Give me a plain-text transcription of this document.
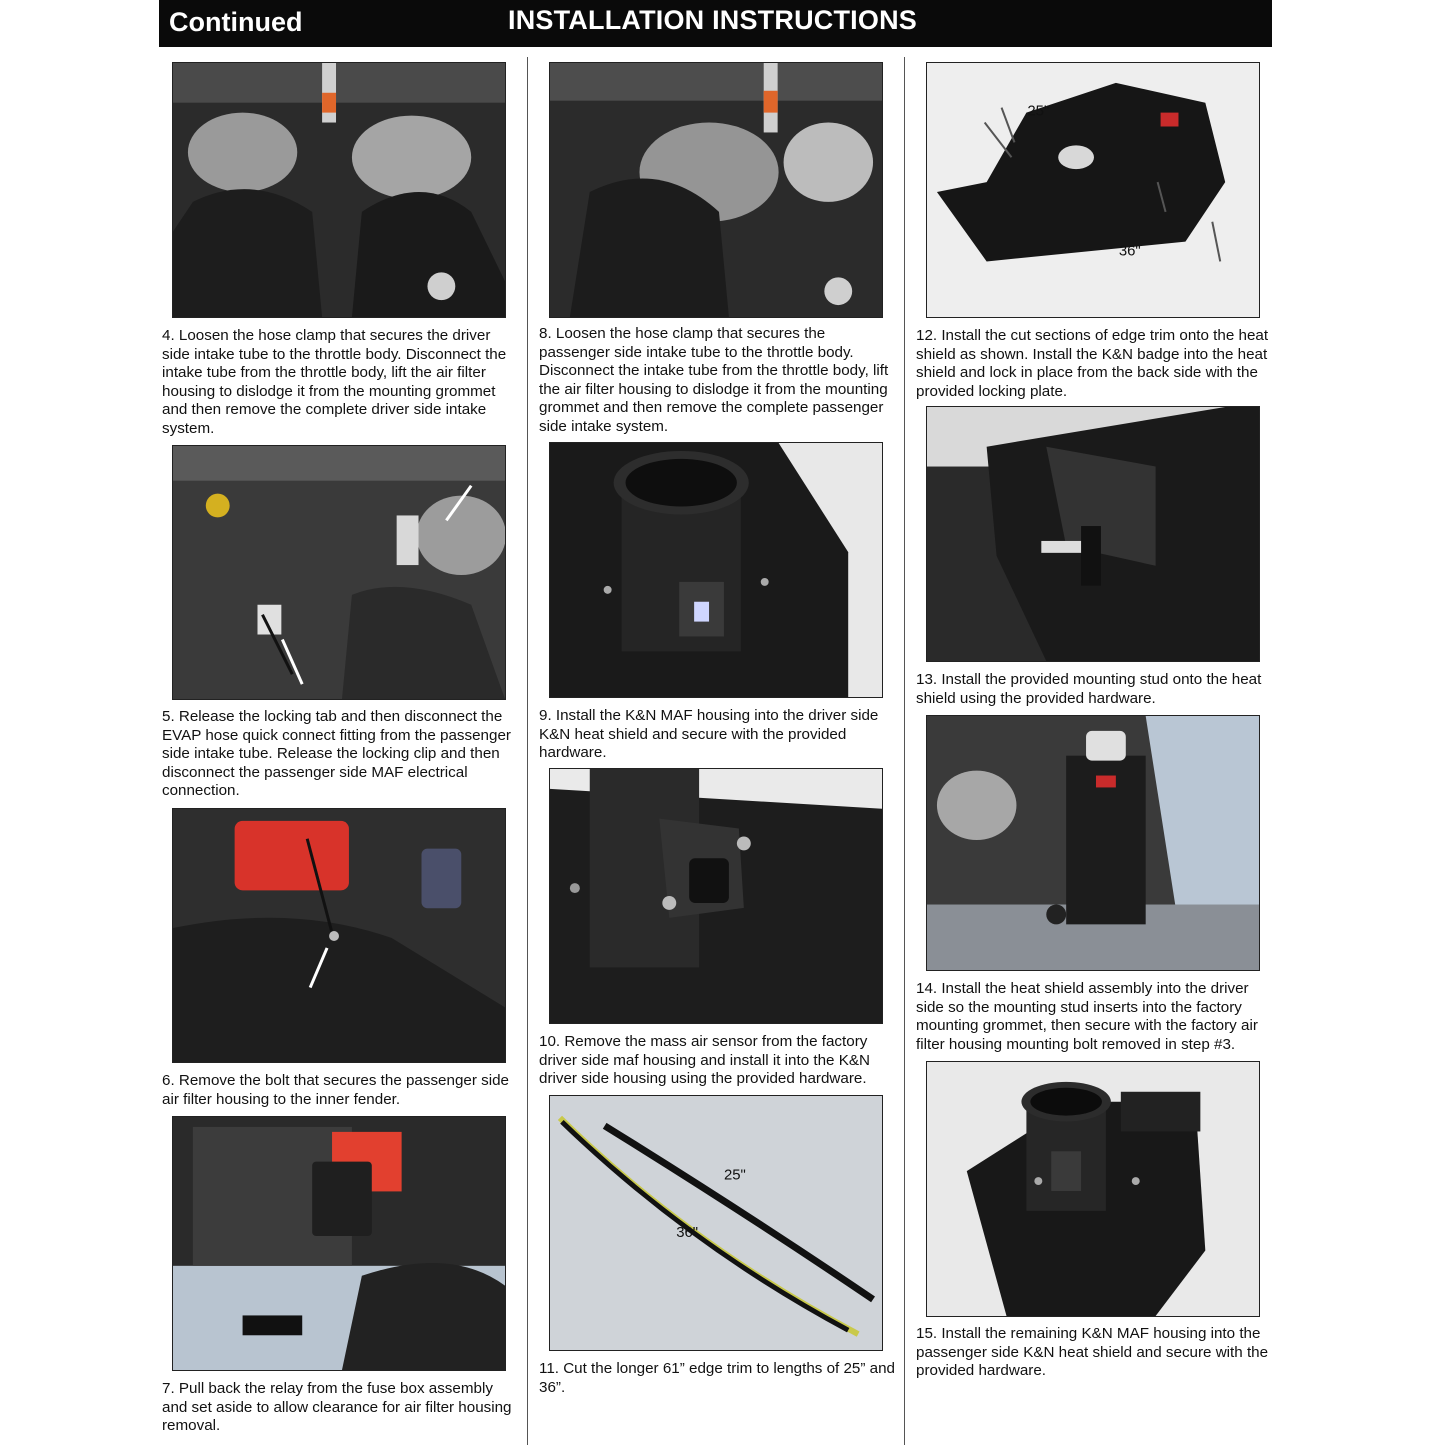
Continued	INSTALLATION INSTRUCTIONS

4. Loosen the hose clamp that secures the driver side intake tube to the throttle body. Disconnect the intake tube from the throttle body, lift the air filter housing to dislodge it from the mounting grommet and then remove the complete driver side intake system.

5. Release the locking tab and then disconnect the EVAP hose quick connect fitting from the passenger side intake tube. Release the locking clip and then disconnect the passenger side MAF electrical connection.

6. Remove the bolt that secures the passenger side air filter housing to the inner fender.

7. Pull back the relay from the fuse box assembly and set aside to allow clearance for air filter housing removal.

8. Loosen the hose clamp that secures the passenger side intake tube to the throttle body. Disconnect the intake tube from the throttle body, lift the air filter housing to dislodge it from the mounting grommet and then remove the complete passenger side intake system.

9. Install the K&N MAF housing into the driver side K&N heat shield and secure with the provided hardware.

10. Remove the mass air sensor from the factory driver side maf housing and install it into the K&N driver side housing using the provided hardware.

25"
36"

11. Cut the longer 61” edge trim to lengths of 25” and 36”.

25"
36"

12. Install the cut sections of edge trim onto the heat shield as shown. Install the K&N badge into the heat shield and lock in place from the back side with the provided locking plate.

13. Install the provided mounting stud onto the heat shield using the provided hardware.

14. Install the heat shield assembly into the driver side so the mounting stud inserts into the factory mounting grommet, then secure with the factory air filter housing mounting bolt removed in step #3.

15. Install the remaining K&N MAF housing into the passenger side K&N heat shield and secure with the provided hardware.
